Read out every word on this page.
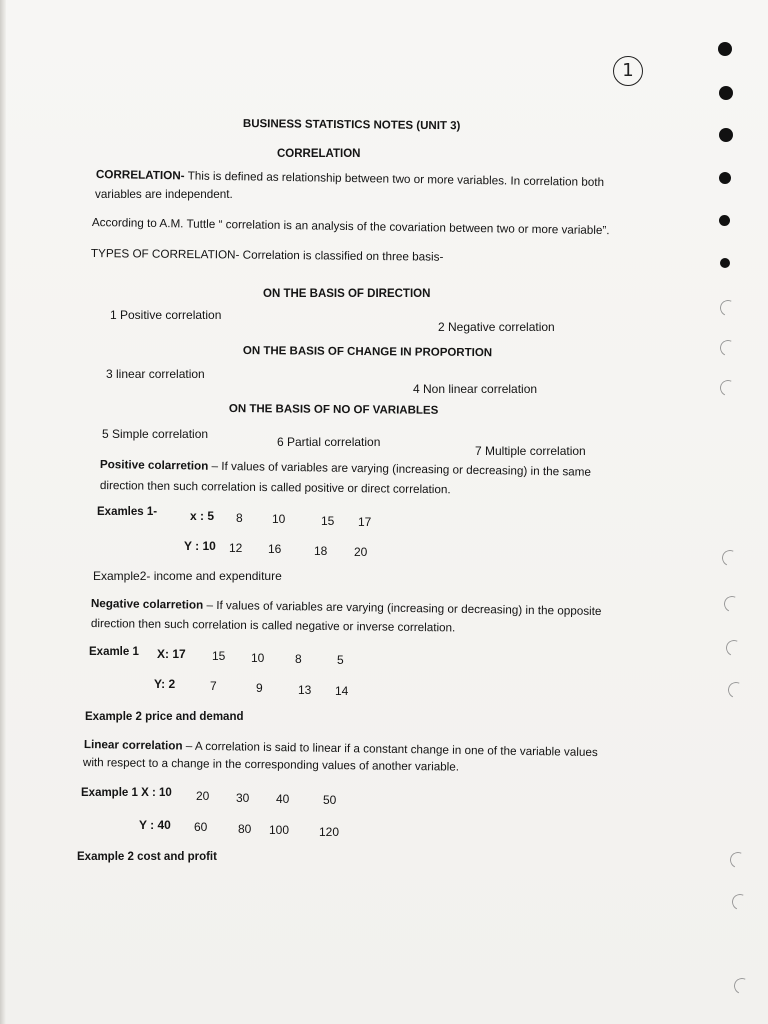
1
BUSINESS STATISTICS NOTES (UNIT 3)
CORRELATION
CORRELATION- This is defined as relationship between two or more variables. In correlation both
variables are independent.
According to A.M. Tuttle “ correlation is an analysis of the covariation between two or more variable”.
TYPES OF CORRELATION- Correlation is classified on three basis-
ON THE BASIS OF DIRECTION
1 Positive correlation
2 Negative correlation
ON THE BASIS OF CHANGE IN PROPORTION
3 linear correlation
4 Non linear correlation
ON THE BASIS OF NO OF VARIABLES
5 Simple correlation
6 Partial correlation
7 Multiple correlation
Positive colarretion – If values of variables are varying (increasing or decreasing) in the same
direction then such correlation is called positive or direct correlation.
Examles 1-	x : 5 8 10	15 17
Y : 10 12 16	18 20
Example2- income and expenditure
Negative colarretion – If values of variables are varying (increasing or decreasing) in the opposite
direction then such correlation is called negative or inverse correlation.
Examle 1 X: 17 15 10	8	5
Y: 2	7	9	13 14
Example 2 price and demand
Linear correlation – A correlation is said to linear if a constant change in one of the variable values
with respect to a change in the corresponding values of another variable.
Example 1 X : 10 20 30 40	50
Y : 40 60	80 100 120
Example 2 cost and profit
